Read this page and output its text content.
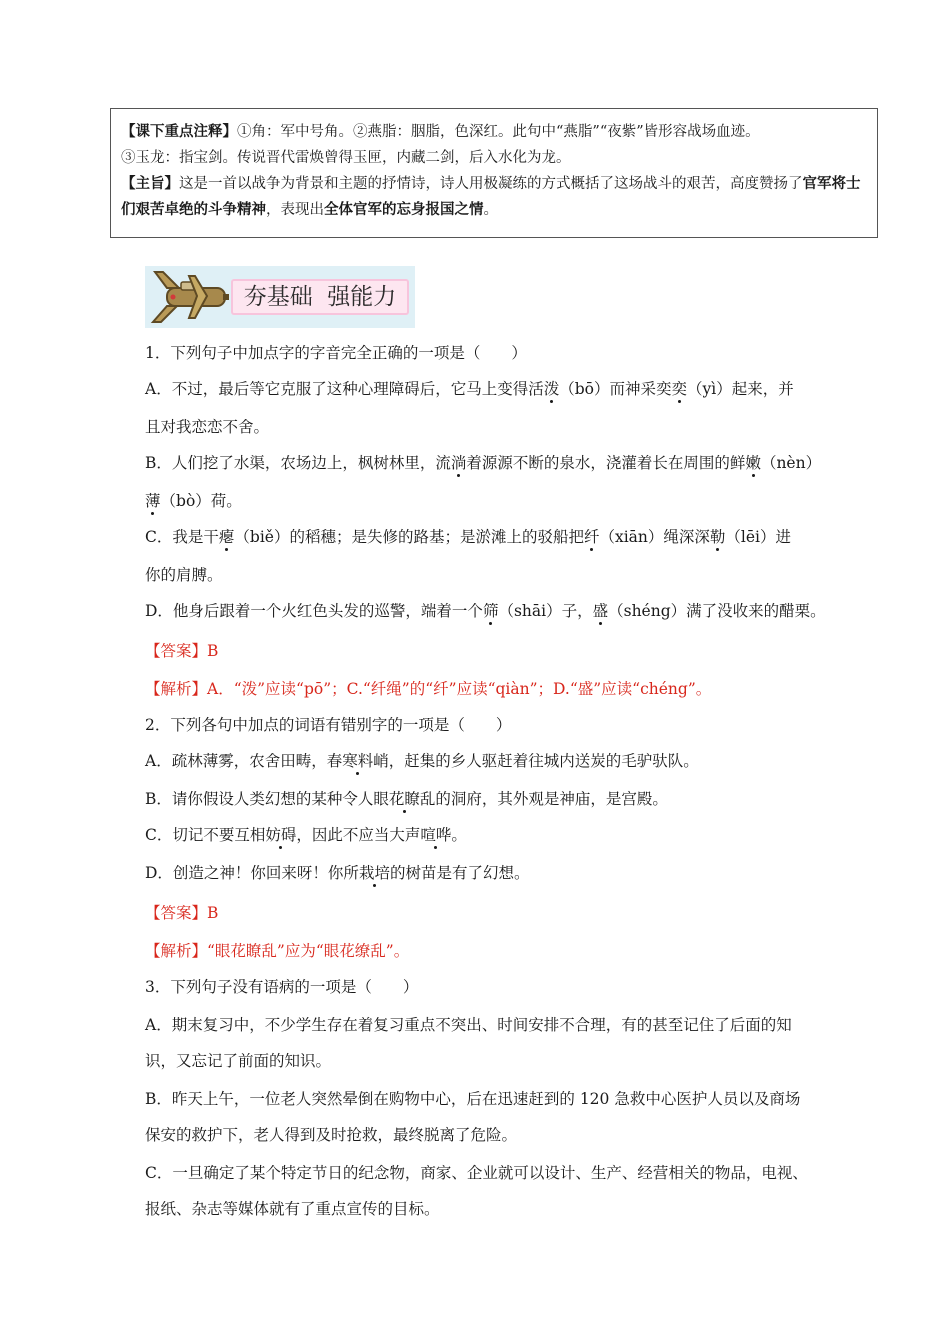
【课下重点注释】①角：军中号角。②燕脂：胭脂，色深红。此句中“燕脂”“夜紫”皆形容战场血迹。

③玉龙：指宝剑。传说晋代雷焕曾得玉匣，内藏二剑，后入水化为龙。

【主旨】这是一首以战争为背景和主题的抒情诗，诗人用极凝练的方式概括了这场战斗的艰苦，高度赞扬了官军将士们艰苦卓绝的斗争精神，表现出全体官军的忘身报国之情。

夯基础  强能力

1．下列句子中加点字的字音完全正确的一项是（　　）

A．不过，最后等它克服了这种心理障碍后，它马上变得活泼（bō）而神采奕奕（yì）起来，并

且对我恋恋不舍。

B．人们挖了水渠，农场边上，枫树林里，流淌着源源不断的泉水，浇灌着长在周围的鲜嫩（nèn）

薄（bò）荷。

C．我是干瘪（biě）的稻穗；是失修的路基；是淤滩上的驳船把纤（xiān）绳深深勒（lēi）进

你的肩膊。

D．他身后跟着一个火红色头发的巡警，端着一个筛（shāi）子，盛（shéng）满了没收来的醋栗。

【答案】B

【解析】A．“泼”应读“pō”；C.“纤绳”的“纤”应读“qiàn”；D.“盛”应读“chéng”。

2．下列各句中加点的词语有错别字的一项是（　　）

A．疏林薄雾，农舍田畴，春寒料峭，赶集的乡人驱赶着往城内送炭的毛驴驮队。

B．请你假设人类幻想的某种令人眼花瞭乱的洞府，其外观是神庙，是宫殿。

C．切记不要互相妨碍，因此不应当大声喧哗。

D．创造之神！你回来呀！你所栽培的树苗是有了幻想。

【答案】B

【解析】“眼花瞭乱”应为“眼花缭乱”。

3．下列句子没有语病的一项是（　　）

A．期末复习中，不少学生存在着复习重点不突出、时间安排不合理，有的甚至记住了后面的知

识，又忘记了前面的知识。

B．昨天上午，一位老人突然晕倒在购物中心，后在迅速赶到的 120 急救中心医护人员以及商场

保安的救护下，老人得到及时抢救，最终脱离了危险。

C．一旦确定了某个特定节日的纪念物，商家、企业就可以设计、生产、经营相关的物品，电视、

报纸、杂志等媒体就有了重点宣传的目标。
